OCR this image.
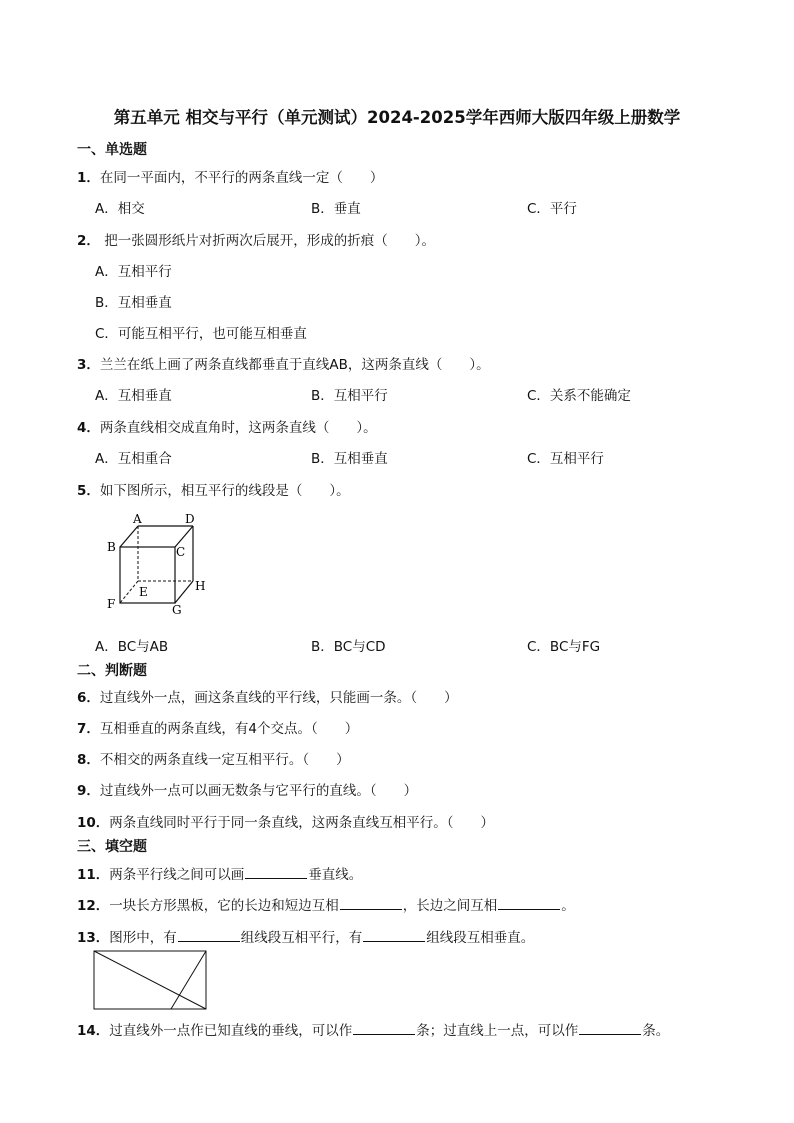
第五单元 相交与平行（单元测试）2024-2025学年西师大版四年级上册数学
一、单选题
1．在同一平面内，不平行的两条直线一定（　　）
A．相交	B．垂直	C．平行
2． 把一张圆形纸片对折两次后展开，形成的折痕（　　）。
A．互相平行
B．互相垂直
C．可能互相平行，也可能互相垂直
3．兰兰在纸上画了两条直线都垂直于直线AB，这两条直线（　　）。
A．互相垂直	B．互相平行	C．关系不能确定
4．两条直线相交成直角时，这两条直线（　　）。
A．互相重合	B．互相垂直	C．互相平行
5．如下图所示，相互平行的线段是（　　）。
A	D
B	C
E	H
F	G
A．BC与AB	B．BC与CD	C．BC与FG
二、判断题
6．过直线外一点，画这条直线的平行线，只能画一条。（　　）
7．互相垂直的两条直线，有4个交点。（　　）
8．不相交的两条直线一定互相平行。（　　）
9．过直线外一点可以画无数条与它平行的直线。（　　）
10．两条直线同时平行于同一条直线，这两条直线互相平行。（　　）
三、填空题
11．两条平行线之间可以画	垂直线。
12．一块长方形黑板，它的长边和短边互相	，长边之间互相	。
13．图形中，有	组线段互相平行，有	组线段互相垂直。
14．过直线外一点作已知直线的垂线，可以作	条；过直线上一点，可以作	条。
